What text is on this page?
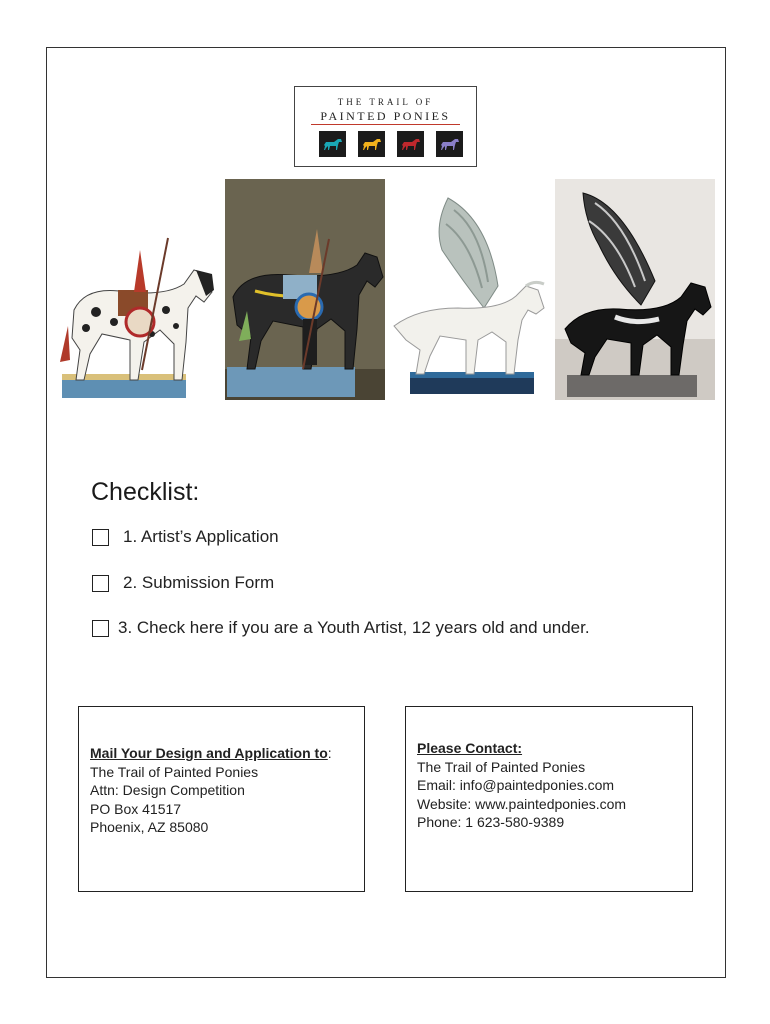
THE TRAIL OF
PAINTED PONIES
Checklist:
1. Artist’s Application
2. Submission Form
3. Check here if you are a Youth Artist, 12 years old and under.
Mail Your Design and Application to:
The Trail of Painted Ponies
Attn: Design Competition
PO Box 41517
Phoenix, AZ 85080
Please Contact:
The Trail of Painted Ponies
Email: info@paintedponies.com
Website: www.paintedponies.com
Phone: 1 623-580-9389
